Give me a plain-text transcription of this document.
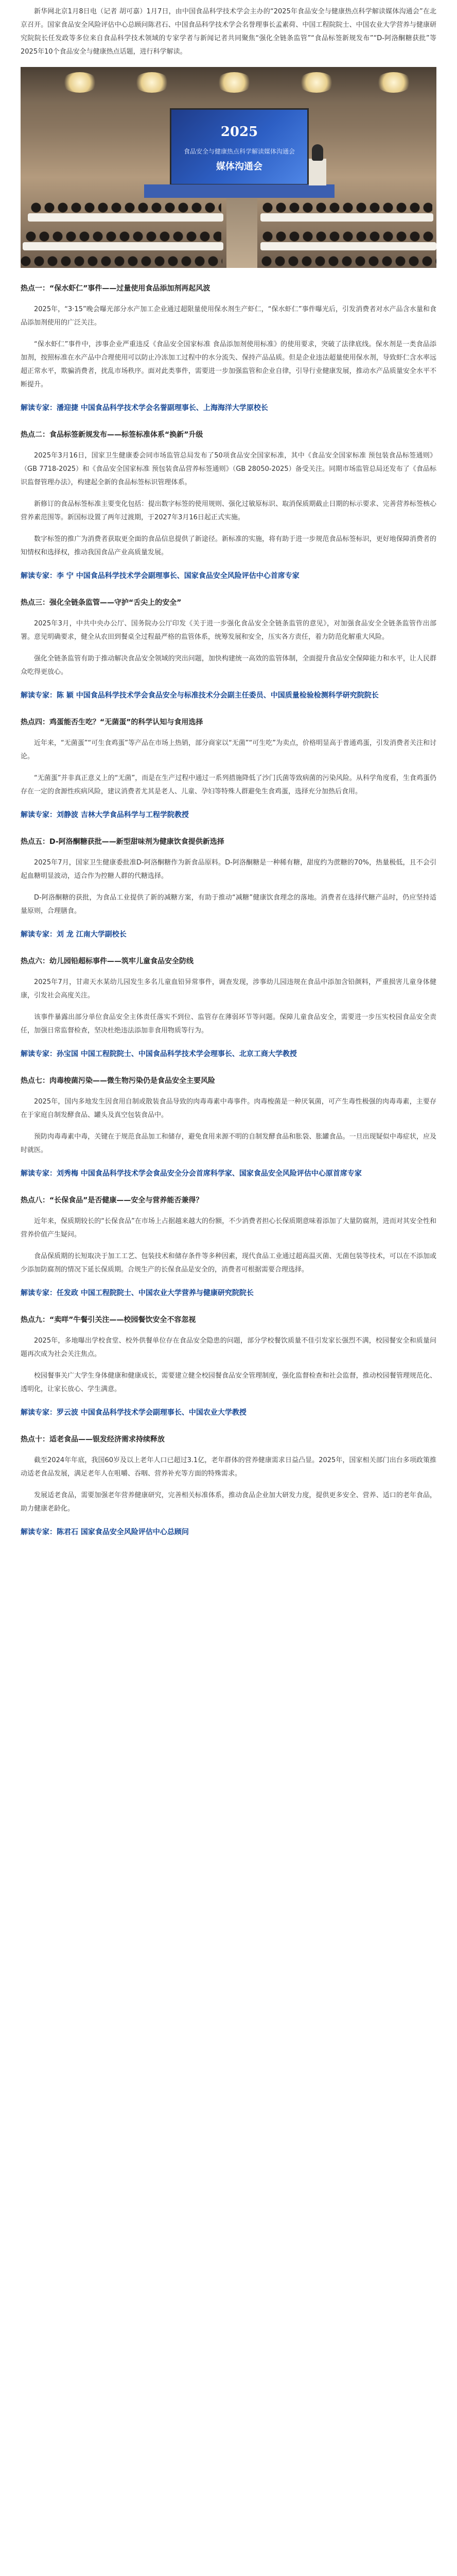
新华网北京1月8日电（记者 胡可嘉）1月7日，由中国食品科学技术学会主办的“2025年食品安全与健康热点科学解读媒体沟通会”在北京召开。国家食品安全风险评估中心总顾问陈君石、中国食品科学技术学会名誉理事长孟素荷、中国工程院院士、中国农业大学营养与健康研究院院长任发政等多位来自食品科学技术领域的专家学者与新闻记者共同聚焦“强化全链条监管”“食品标签新规发布”“D-阿洛酮糖获批”等2025年10个食品安全与健康热点话题，进行科学解读。

2025
食品安全与健康热点科学解读媒体沟通会
媒体沟通会

热点一：“保水虾仁”事件——过量使用食品添加剂再起风波

2025年，“3·15”晚会曝光部分水产加工企业通过超限量使用保水剂生产虾仁，“保水虾仁”事件曝光后，引发消费者对水产品含水量和食品添加剂使用的广泛关注。

“保水虾仁”事件中，涉事企业严重违反《食品安全国家标准 食品添加剂使用标准》的使用要求，突破了法律底线。保水剂是一类食品添加剂，按照标准在水产品中合理使用可以防止冷冻加工过程中的水分流失、保持产品品质。但是企业违法超量使用保水剂，导致虾仁含水率远超正常水平，欺骗消费者，扰乱市场秩序。面对此类事件，需要进一步加强监管和企业自律，引导行业健康发展，推动水产品质量安全水平不断提升。

解读专家：潘迎捷 中国食品科学技术学会名誉副理事长、上海海洋大学原校长

热点二：食品标签新规发布——标签标准体系“换新”升级

2025年3月16日，国家卫生健康委会同市场监管总局发布了50项食品安全国家标准，其中《食品安全国家标准 预包装食品标签通则》（GB 7718-2025）和《食品安全国家标准 预包装食品营养标签通则》（GB 28050-2025）备受关注。同期市场监管总局还发布了《食品标识监督管理办法》，构建起全新的食品标签标识管理体系。

新修订的食品标签标准主要变化包括：提出数字标签的使用规则、强化过敏原标识、取消保质期截止日期的标示要求、完善营养标签核心营养素范围等。新国标设置了两年过渡期，于2027年3月16日起正式实施。

数字标签的推广为消费者获取更全面的食品信息提供了新途径。新标准的实施，将有助于进一步规范食品标签标识，更好地保障消费者的知情权和选择权，推动我国食品产业高质量发展。

解读专家：李 宁 中国食品科学技术学会副理事长、国家食品安全风险评估中心首席专家

热点三：强化全链条监管——守护“舌尖上的安全”

2025年3月，中共中央办公厅、国务院办公厅印发《关于进一步强化食品安全全链条监管的意见》，对加强食品安全全链条监管作出部署。意见明确要求，健全从农田到餐桌全过程最严格的监管体系，统筹发展和安全，压实各方责任，着力防范化解重大风险。

强化全链条监管有助于推动解决食品安全领域的突出问题，加快构建统一高效的监管体制，全面提升食品安全保障能力和水平，让人民群众吃得更放心。

解读专家：陈 颖 中国食品科学技术学会食品安全与标准技术分会副主任委员、中国质量检验检测科学研究院院长

热点四：鸡蛋能否生吃？“无菌蛋”的科学认知与食用选择

近年来，“无菌蛋”“可生食鸡蛋”等产品在市场上热销，部分商家以“无菌”“可生吃”为卖点，价格明显高于普通鸡蛋，引发消费者关注和讨论。

“无菌蛋”并非真正意义上的“无菌”，而是在生产过程中通过一系列措施降低了沙门氏菌等致病菌的污染风险。从科学角度看，生食鸡蛋仍存在一定的食源性疾病风险，建议消费者尤其是老人、儿童、孕妇等特殊人群避免生食鸡蛋，选择充分加热后食用。

解读专家：刘静波 吉林大学食品科学与工程学院教授

热点五：D-阿洛酮糖获批——新型甜味剂为健康饮食提供新选择

2025年7月，国家卫生健康委批准D-阿洛酮糖作为新食品原料。D-阿洛酮糖是一种稀有糖，甜度约为蔗糖的70%，热量极低，且不会引起血糖明显波动，适合作为控糖人群的代糖选择。

D-阿洛酮糖的获批，为食品工业提供了新的减糖方案，有助于推动“减糖”健康饮食理念的落地。消费者在选择代糖产品时，仍应坚持适量原则，合理膳食。

解读专家：刘 龙 江南大学副校长

热点六：幼儿园铅超标事件——筑牢儿童食品安全防线

2025年7月，甘肃天水某幼儿园发生多名儿童血铅异常事件，调查发现，涉事幼儿园违规在食品中添加含铅颜料，严重损害儿童身体健康，引发社会高度关注。

该事件暴露出部分单位食品安全主体责任落实不到位、监管存在薄弱环节等问题。保障儿童食品安全，需要进一步压实校园食品安全责任，加强日常监督检查，坚决杜绝违法添加非食用物质等行为。

解读专家：孙宝国 中国工程院院士、中国食品科学技术学会理事长、北京工商大学教授

热点七：肉毒梭菌污染——微生物污染仍是食品安全主要风险

2025年，国内多地发生因食用自制或散装食品导致的肉毒毒素中毒事件。肉毒梭菌是一种厌氧菌，可产生毒性极强的肉毒毒素，主要存在于家庭自制发酵食品、罐头及真空包装食品中。

预防肉毒毒素中毒，关键在于规范食品加工和储存，避免食用来源不明的自制发酵食品和胀袋、胀罐食品。一旦出现疑似中毒症状，应及时就医。

解读专家：刘秀梅 中国食品科学技术学会食品安全分会首席科学家、国家食品安全风险评估中心原首席专家

热点八：“长保食品”是否健康——安全与营养能否兼得？

近年来，保质期较长的“长保食品”在市场上占据越来越大的份额，不少消费者担心长保质期意味着添加了大量防腐剂，进而对其安全性和营养价值产生疑问。

食品保质期的长短取决于加工工艺、包装技术和储存条件等多种因素，现代食品工业通过超高温灭菌、无菌包装等技术，可以在不添加或少添加防腐剂的情况下延长保质期。合规生产的长保食品是安全的，消费者可根据需要合理选择。

解读专家：任发政 中国工程院院士、中国农业大学营养与健康研究院院长

热点九：“卖咩”牛餐引关注——校园餐饮安全不容忽视

2025年，多地曝出学校食堂、校外供餐单位存在食品安全隐患的问题，部分学校餐饮质量不佳引发家长强烈不满，校园餐安全和质量问题再次成为社会关注焦点。

校园餐事关广大学生身体健康和健康成长，需要建立健全校园餐食品安全管理制度，强化监督检查和社会监督，推动校园餐管理规范化、透明化，让家长放心、学生满意。

解读专家：罗云波 中国食品科学技术学会副理事长、中国农业大学教授

热点十：适老食品——银发经济需求持续释放

截至2024年年底，我国60岁及以上老年人口已超过3.1亿，老年群体的营养健康需求日益凸显。2025年，国家相关部门出台多项政策推动适老食品发展，满足老年人在咀嚼、吞咽、营养补充等方面的特殊需求。

发展适老食品，需要加强老年营养健康研究，完善相关标准体系，推动食品企业加大研发力度，提供更多安全、营养、适口的老年食品，助力健康老龄化。

解读专家：陈君石 国家食品安全风险评估中心总顾问
